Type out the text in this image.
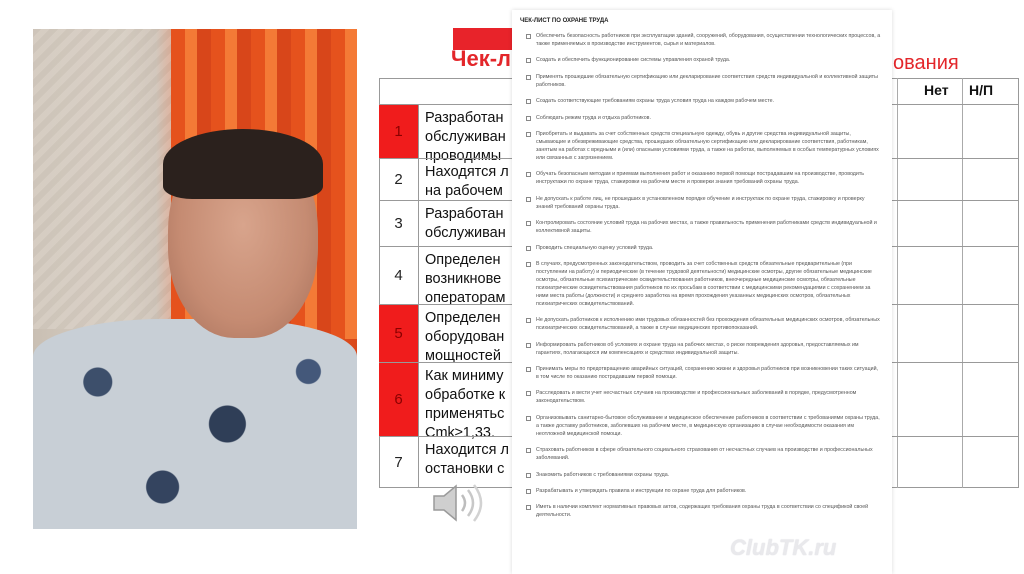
Чек-л	ования
Нет Н/П
1
Разработан
обслуживан
проводимы
2	Находятся л
на рабочем
3
Разработан
обслуживан
4
Определен
возникнове
операторам
5
Определен
оборудован
мощностей
6
Как миниму
обработке к
применятьс
Cmk≥1,33.
7
Находится л
остановки с
ЧЕК-ЛИСТ ПО ОХРАНЕ ТРУДА
Обеспечить безопасность работников при эксплуатации зданий, сооружений, оборудования, осуществлении технологических процессов, а также применяемых в производстве инструментов, сырья и материалов.
Создать и обеспечить функционирование системы управления охраной труда.
Применять прошедшие обязательную сертификацию или декларирование соответствия средств индивидуальной и коллективной защиты работников.
Создать соответствующие требованиям охраны труда условия труда на каждом рабочем месте.
Соблюдать режим труда и отдыха работников.
Приобретать и выдавать за счет собственных средств специальную одежду, обувь и другие средства индивидуальной защиты, смывающие и обезвреживающие средства, прошедших обязательную сертификацию или декларирование соответствия, работникам, занятым на работах с вредными и (или) опасными условиями труда, а также на работах, выполняемых в особых температурных условиях или связанных с загрязнением.
Обучать безопасным методам и приемам выполнения работ и оказанию первой помощи пострадавшим на производстве, проводить инструктажи по охране труда, стажировки на рабочем месте и проверки знания требований охраны труда.
Не допускать к работе лиц, не прошедших в установленном порядке обучение и инструктаж по охране труда, стажировку и проверку знаний требований охраны труда.
Контролировать состояние условий труда на рабочих местах, а также правильность применения работниками средств индивидуальной и коллективной защиты.
Проводить специальную оценку условий труда.
В случаях, предусмотренных законодательством, проводить за счет собственных средств обязательные предварительные (при поступлении на работу) и периодические (в течение трудовой деятельности) медицинские осмотры, другие обязательные медицинские осмотры, обязательные психиатрические освидетельствования работников, внеочередные медицинские осмотры, обязательные психиатрические освидетельствования работников по их просьбам в соответствии с медицинскими рекомендациями с сохранением за ними места работы (должности) и среднего заработка на время прохождения указанных медицинских осмотров, обязательных психиатрических освидетельствований.
Не допускать работников к исполнению ими трудовых обязанностей без прохождения обязательных медицинских осмотров, обязательных психиатрических освидетельствований, а также в случае медицинских противопоказаний.
Информировать работников об условиях и охране труда на рабочих местах, о риске повреждения здоровья, предоставляемых им гарантиях, полагающихся им компенсациях и средствах индивидуальной защиты.
Принимать меры по предотвращению аварийных ситуаций, сохранению жизни и здоровья работников при возникновении таких ситуаций, в том числе по оказанию пострадавшим первой помощи.
Расследовать и вести учет несчастных случаев на производстве и профессиональных заболеваний в порядке, предусмотренном законодательством.
Организовывать санитарно-бытовое обслуживание и медицинское обеспечение работников в соответствии с требованиями охраны труда, а также доставку работников, заболевших на рабочем месте, в медицинскую организацию в случае необходимости оказания им неотложной медицинской помощи.
Страховать работников в сфере обязательного социального страхования от несчастных случаев на производстве и профессиональных заболеваний.
Знакомить работников с требованиями охраны труда.
Разрабатывать и утверждать правила и инструкции по охране труда для работников.
Иметь в наличии комплект нормативных правовых актов, содержащих требования охраны труда в соответствии со спецификой своей деятельности.
ClubTK.ru
